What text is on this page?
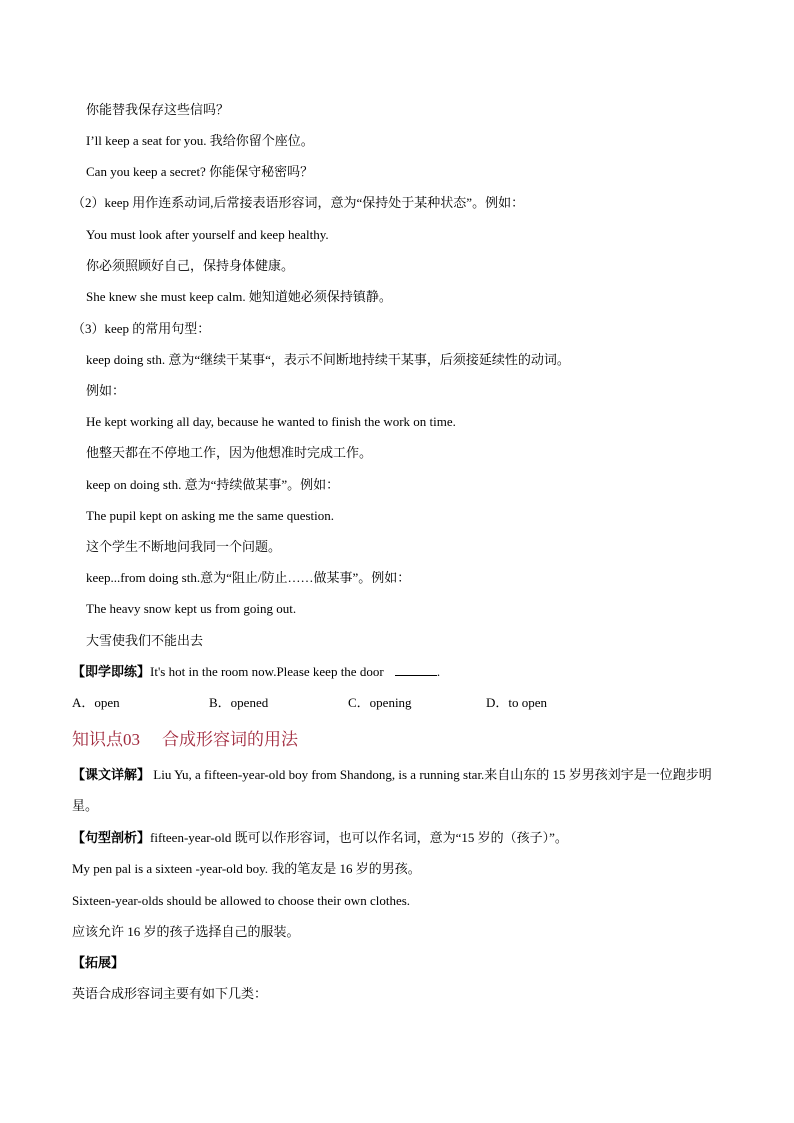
你能替我保存这些信吗？
I’ll keep a seat for you. 我给你留个座位。
Can you keep a secret? 你能保守秘密吗？
（2）keep 用作连系动词,后常接表语形容词，意为“保持处于某种状态”。例如：
You must look after yourself and keep healthy.
你必须照顾好自己，保持身体健康。
She knew she must keep calm. 她知道她必须保持镇静。
（3）keep 的常用句型：
keep doing sth. 意为“继续干某事“，表示不间断地持续干某事，后须接延续性的动词。
例如：
He kept working all day, because he wanted to finish the work on time.
他整天都在不停地工作，因为他想准时完成工作。
keep on doing sth. 意为“持续做某事”。例如：
The pupil kept on asking me the same question.
这个学生不断地问我同一个问题。
keep...from doing sth.意为“阻止/防止……做某事”。例如：
The heavy snow kept us from going out.
大雪使我们不能出去
【即学即练】It's hot in the room now.Please keep the door	.
A．open	B．opened	C．opening	D．to open
知识点03 合成形容词的用法
【课文详解】 Liu Yu, a fifteen-year-old boy from Shandong, is a running star.来自山东的 15 岁男孩刘宇是一位跑步明星。
【句型剖析】fifteen-year-old 既可以作形容词，也可以作名词，意为“15 岁的（孩子）”。
My pen pal is a sixteen -year-old boy. 我的笔友是 16 岁的男孩。
Sixteen-year-olds should be allowed to choose their own clothes.
应该允许 16 岁的孩子选择自己的服装。
【拓展】
英语合成形容词主要有如下几类：
